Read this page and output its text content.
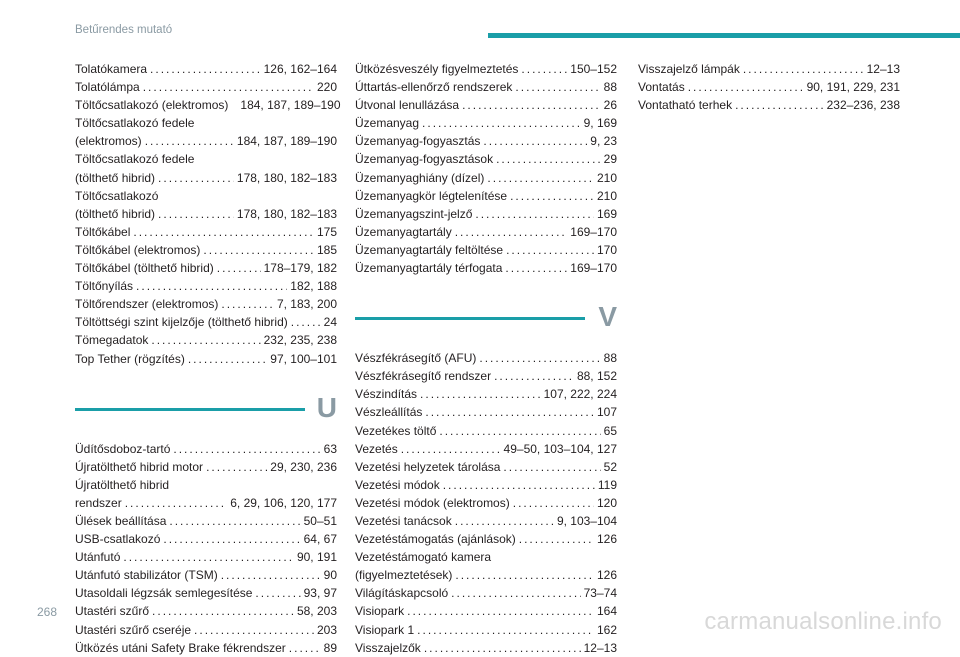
Betűrendes mutató
Tolatókamera .....	126, 162–164
Tolatólámpa .....	220
Töltőcsatlakozó (elektromos) 184, 187, 189–190
Töltőcsatlakozó fedele
(elektromos) .....	184, 187, 189–190
Töltőcsatlakozó fedele
(tölthető hibrid) .....	178, 180, 182–183
Töltőcsatlakozó
(tölthető hibrid) .....	178, 180, 182–183
Töltőkábel .....	175
Töltőkábel (elektromos) .....	185
Töltőkábel (tölthető hibrid) .....	178–179, 182
Töltőnyílás .....	182, 188
Töltőrendszer (elektromos) .....	7, 183, 200
Töltöttségi szint kijelzője (tölthető hibrid) .....	24
Tömegadatok .....	232, 235, 238
Top Tether (rögzítés) .....	97, 100–101
U
Üdítősdoboz-tartó .....	63
Újratölthető hibrid motor .....	29, 230, 236
Újratölthető hibrid
rendszer .....	6, 29, 106, 120, 177
Ülések beállítása .....	50–51
USB-csatlakozó .....	64, 67
Utánfutó .....	90, 191
Utánfutó stabilizátor (TSM) .....	90
Utasoldali légzsák semlegesítése .....	93, 97
Utastéri szűrő .....	58, 203
Utastéri szűrő cseréje .....	203
Ütközés utáni Safety Brake fékrendszer .....	89
Ütközésveszély figyelmeztetés .....	150–152
Úttartás-ellenőrző rendszerek .....	88
Útvonal lenullázása .....	26
Üzemanyag .....	9, 169
Üzemanyag-fogyasztás .....	9, 23
Üzemanyag-fogyasztások .....	29
Üzemanyaghiány (dízel) .....	210
Üzemanyagkör légtelenítése .....	210
Üzemanyagszint-jelző .....	169
Üzemanyagtartály .....	169–170
Üzemanyagtartály feltöltése .....	170
Üzemanyagtartály térfogata .....	169–170
V
Vészfékrásegítő (AFU) .....	88
Vészfékrásegítő rendszer .....	88, 152
Vészindítás .....	107, 222, 224
Vészleállítás .....	107
Vezetékes töltő .....	65
Vezetés .....	49–50, 103–104, 127
Vezetési helyzetek tárolása .....	52
Vezetési módok .....	119
Vezetési módok (elektromos) .....	120
Vezetési tanácsok .....	9, 103–104
Vezetéstámogatás (ajánlások) .....	126
Vezetéstámogató kamera
(figyelmeztetések) .....	126
Világításkapcsoló .....	73–74
Visiopark .....	164
Visiopark 1 .....	162
Visszajelzők .....	12–13
Visszajelző lámpák .....	12–13
Vontatás .....	90, 191, 229, 231
Vontatható terhek .....	232–236, 238
268	carmanualsonline.info
